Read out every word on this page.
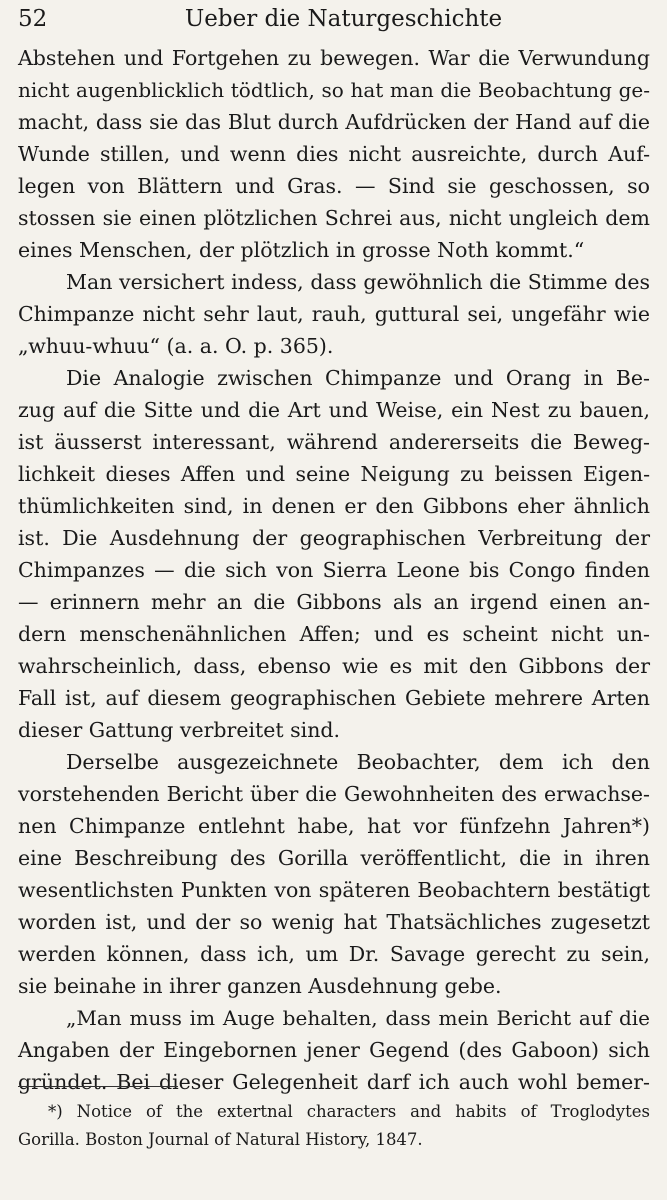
52	Ueber die Naturgeschichte
Abstehen und Fortgehen zu bewegen. War die Verwundung
nicht augenblicklich tödtlich, so hat man die Beobachtung ge-
macht, dass sie das Blut durch Aufdrücken der Hand auf die
Wunde stillen, und wenn dies nicht ausreichte, durch Auf-
legen von Blättern und Gras. — Sind sie geschossen, so
stossen sie einen plötzlichen Schrei aus, nicht ungleich dem
eines Menschen, der plötzlich in grosse Noth kommt.“
Man versichert indess, dass gewöhnlich die Stimme des
Chimpanze nicht sehr laut, rauh, guttural sei, ungefähr wie
„whuu-whuu“ (a. a. O. p. 365).
Die Analogie zwischen Chimpanze und Orang in Be-
zug auf die Sitte und die Art und Weise, ein Nest zu bauen,
ist äusserst interessant, während andererseits die Beweg-
lichkeit dieses Affen und seine Neigung zu beissen Eigen-
thümlichkeiten sind, in denen er den Gibbons eher ähnlich
ist. Die Ausdehnung der geographischen Verbreitung der
Chimpanzes — die sich von Sierra Leone bis Congo finden
— erinnern mehr an die Gibbons als an irgend einen an-
dern menschenähnlichen Affen; und es scheint nicht un-
wahrscheinlich, dass, ebenso wie es mit den Gibbons der
Fall ist, auf diesem geographischen Gebiete mehrere Arten
dieser Gattung verbreitet sind.
Derselbe ausgezeichnete Beobachter, dem ich den
vorstehenden Bericht über die Gewohnheiten des erwachse-
nen Chimpanze entlehnt habe, hat vor fünfzehn Jahren*)
eine Beschreibung des Gorilla veröffentlicht, die in ihren
wesentlichsten Punkten von späteren Beobachtern bestätigt
worden ist, und der so wenig hat Thatsächliches zugesetzt
werden können, dass ich, um Dr. Savage gerecht zu sein,
sie beinahe in ihrer ganzen Ausdehnung gebe.
„Man muss im Auge behalten, dass mein Bericht auf die
Angaben der Eingebornen jener Gegend (des Gaboon) sich
gründet. Bei dieser Gelegenheit darf ich auch wohl bemer-
*) Notice of the extertnal characters and habits of Troglodytes
Gorilla. Boston Journal of Natural History, 1847.
